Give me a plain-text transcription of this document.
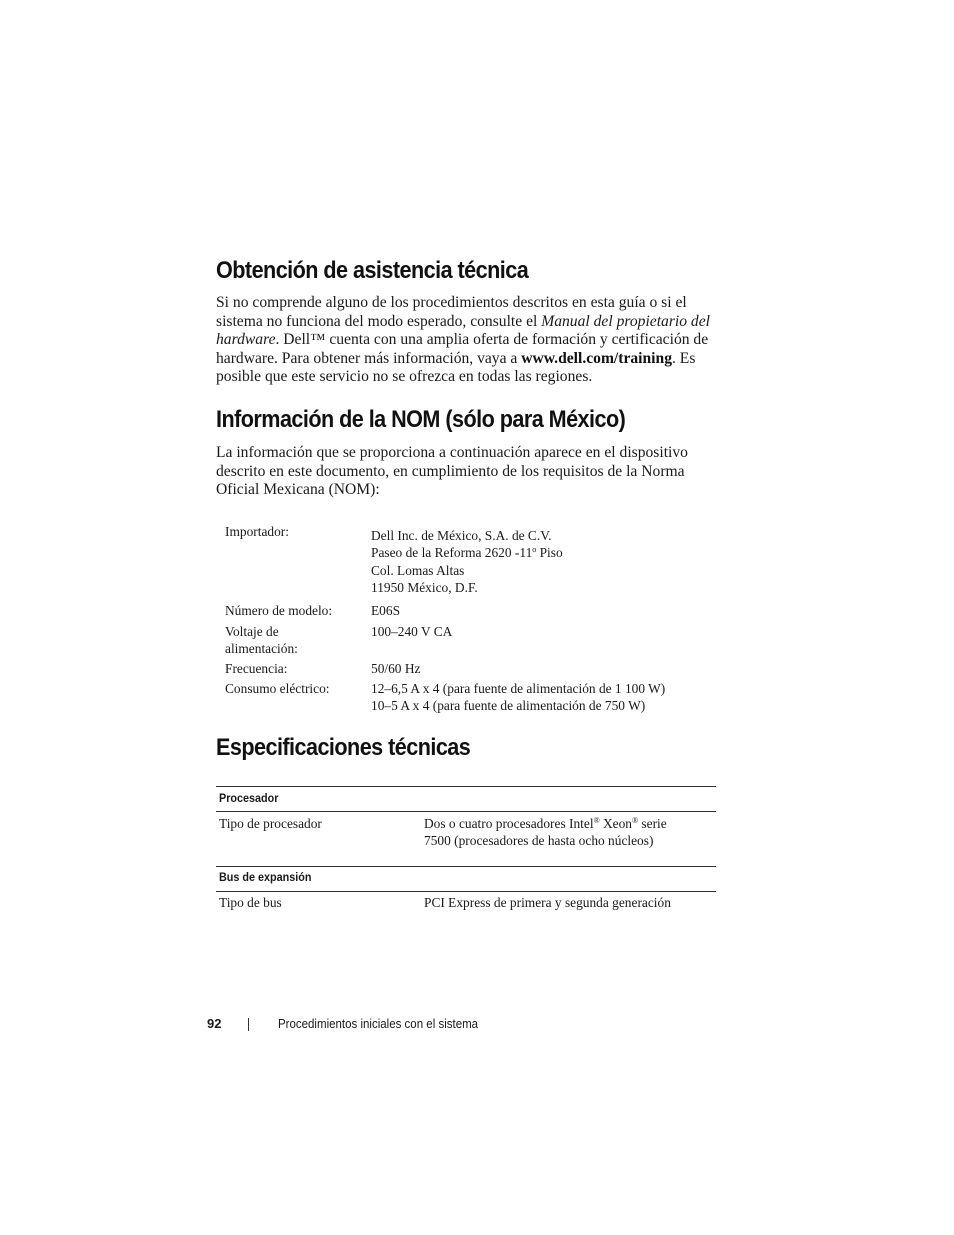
Obtención de asistencia técnica

Si no comprende alguno de los procedimientos descritos en esta guía o si el sistema no funciona del modo esperado, consulte el Manual del propietario del hardware. Dell™ cuenta con una amplia oferta de formación y certificación de hardware. Para obtener más información, vaya a www.dell.com/training. Es posible que este servicio no se ofrezca en todas las regiones.

Información de la NOM (sólo para México)

La información que se proporciona a continuación aparece en el dispositivo descrito en este documento, en cumplimiento de los requisitos de la Norma Oficial Mexicana (NOM):

Importador:	Dell Inc. de México, S.A. de C.V.
Paseo de la Reforma 2620 -11$^o$ Piso
Col. Lomas Altas
11950 México, D.F.
Número de modelo:	E06S
Voltaje de
alimentación:
100–240 V CA
Frecuencia:	50/60 Hz
Consumo eléctrico:	12–6,5 A x 4 (para fuente de alimentación de 1 100 W)
10–5 A x 4 (para fuente de alimentación de 750 W)
Especificaciones técnicas
Procesador
Tipo de procesador	Dos o cuatro procesadores Intel® Xeon® serie
7500 (procesadores de hasta ocho núcleos)
Bus de expansión
Tipo de bus	PCI Express de primera y segunda generación
92	Procedimientos iniciales con el sistema
